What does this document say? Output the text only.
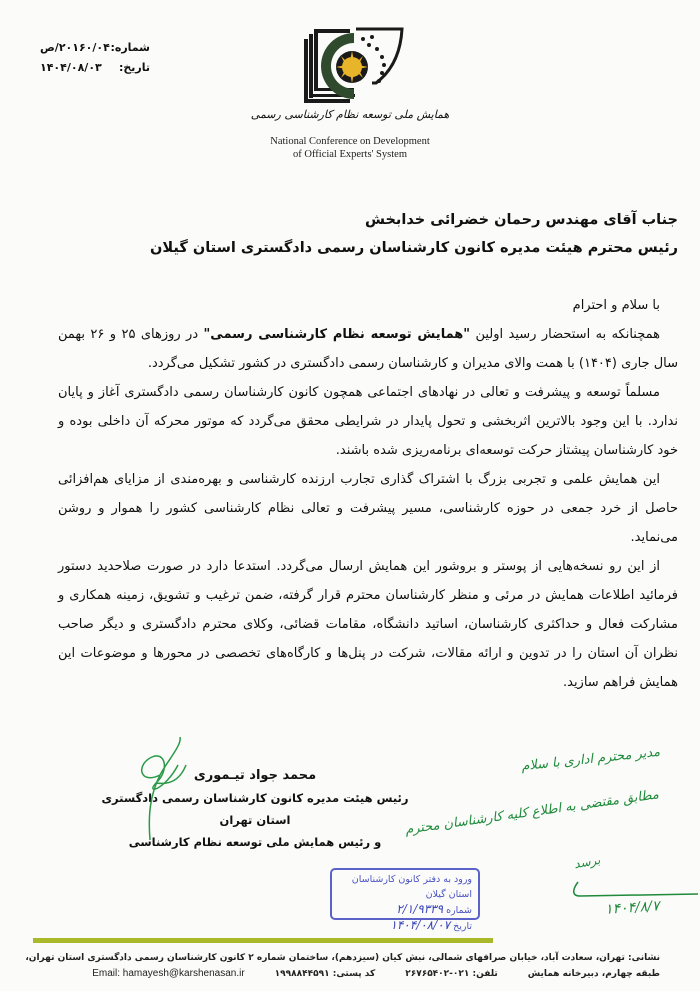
شماره:
۲۰۱۶۰/۰۴/ص
تاریخ:
۱۴۰۴/۰۸/۰۳
همایش ملی توسعه نظام کارشناسی رسمی
National Conference on Development
of Official Experts' System
جناب آقای مهندس رحمان خضرائی خدابخش
رئیس محترم هیئت مدیره کانون کارشناسان رسمی دادگستری استان گیلان

با سلام و احترام

همچنانکه به استحضار رسید اولین "همایش توسعه نظام کارشناسی رسمی" در روزهای ۲۵ و ۲۶ بهمن سال جاری (۱۴۰۴) با همت والای مدیران و کارشناسان رسمی دادگستری در کشور تشکیل می‌گردد.

مسلماً توسعه و پیشرفت و تعالی در نهادهای اجتماعی همچون کانون کارشناسان رسمی دادگستری آغاز و پایان ندارد. با این وجود بالاترین اثربخشی و تحول پایدار در شرایطی محقق می‌گردد که موتور محرکه آن داخلی بوده و خود کارشناسان پیشتاز حرکت توسعه‌ای برنامه‌ریزی شده باشند.

این همایش علمی و تجربی بزرگ با اشتراک گذاری تجارب ارزنده کارشناسی و بهره‌مندی از مزایای هم‌افزائی حاصل از خرد جمعی در حوزه کارشناسی، مسیر پیشرفت و تعالی نظام کارشناسی کشور را هموار و روشن می‌نماید.

از این رو نسخه‌هایی از پوستر و بروشور این همایش ارسال می‌گردد. استدعا دارد در صورت صلاحدید دستور فرمائید اطلاعات همایش در مرئی و منظر کارشناسان محترم قرار گرفته، ضمن ترغیب و تشویق، زمینه همکاری و مشارکت فعال و حداکثری کارشناسان، اساتید دانشگاه، مقامات قضائی، وکلای محترم دادگستری و دیگر صاحب نظران آن استان را در تدوین و ارائه مقالات، شرکت در پنل‌ها و کارگاه‌های تخصصی در محورها و موضوعات این همایش فراهم سازید.

محمد جواد تیـموری
رئیس هیئت مدیره کانون کارشناسان رسمی دادگستری استان تهران
و رئیس همایش ملی توسعه نظام کارشناسی
مدیر محترم اداری با سلام
مطابق مقتضی به اطلاع کلیه کارشناسان محترم
برسد
۱۴۰۴/۸/۷
ورود به دفتر کانون کارشناسان استان گیلان
شماره ۲/۱/۹۳۳۹
تاریخ ۱۴۰۴/۰۸/۰۷
نشانی: تهران، سعادت آباد، خیابان صرافهای شمالی، نبش کیان (سیزدهم)، ساختمان شماره ۲ کانون کارشناسان رسمی دادگستری استان تهران،
طبقه چهارم، دبیرخانه همایش
تلفن: ۰۲۱-۲۶۷۶۵۴۰۲
کد پستی: ۱۹۹۸۸۴۴۵۹۱
Email: hamayesh@karshenasan.ir
